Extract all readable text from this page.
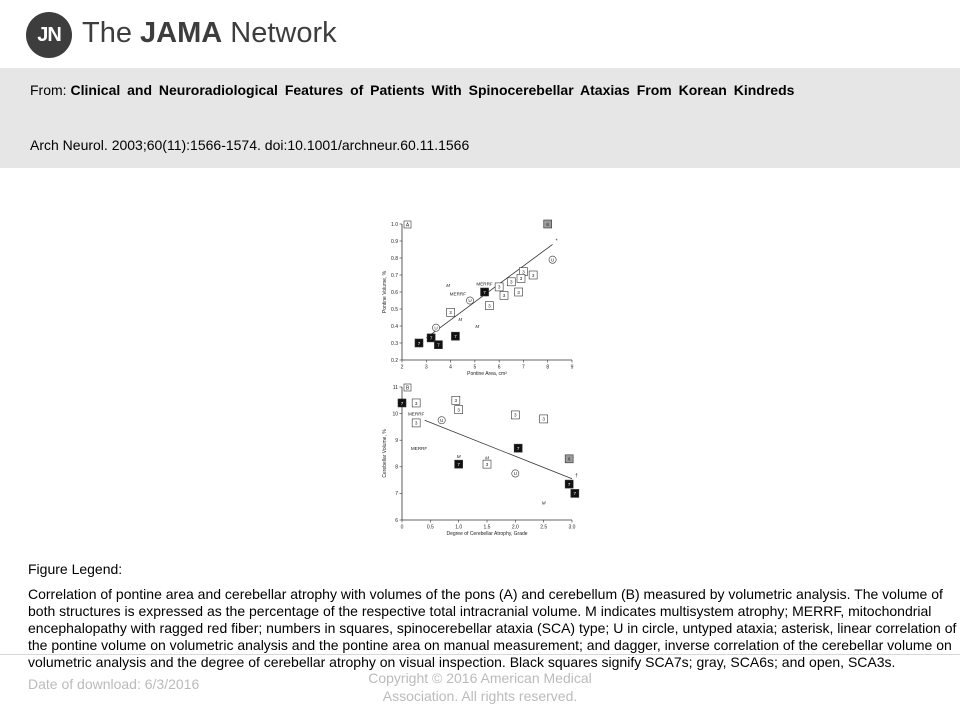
JN The JAMA Network
From: Clinical and Neuroradiological Features of Patients With Spinocerebellar Ataxias From Korean Kindreds
Arch Neurol. 2003;60(11):1566-1574. doi:10.1001/archneur.60.11.1566
2	3	4	5	6	7	8	9
0.2
0.3
0.4
0.5
0.6
0.7
0.8
0.9
1.0
Pontine Area, cm²
Pontine Volume, %
A
*
7
7
7
7
7
6
3
3
3
3
3
3
3
3
3
U
U
U
M
M
M
MERRF
MERRF
0	0.5	1.0	1.5	2.0	2.5	3.0
6
7
8
9
10
11
Degree of Cerebellar Atrophy, Grade
Cerebellar Volume, %
B
†
7
7
7
7
7
6
3
3
3
3
3
3
3
U
U
M	M
M
MERRF
MERRF
Date of download: 6/3/2016	Copyright © 2016 American Medical Association. All rights reserved.
Figure Legend:
Correlation of pontine area and cerebellar atrophy with volumes of the pons (A) and cerebellum (B) measured by volumetric analysis. The volume of both structures is expressed as the percentage of the respective total intracranial volume. M indicates multisystem atrophy; MERRF, mitochondrial encephalopathy with ragged red fiber; numbers in squares, spinocerebellar ataxia (SCA) type; U in circle, untyped ataxia; asterisk, linear correlation of the pontine volume on volumetric analysis and the pontine area on manual measurement; and dagger, inverse correlation of the cerebellar volume on volumetric analysis and the degree of cerebellar atrophy on visual inspection. Black squares signify SCA7s; gray, SCA6s; and open, SCA3s.
